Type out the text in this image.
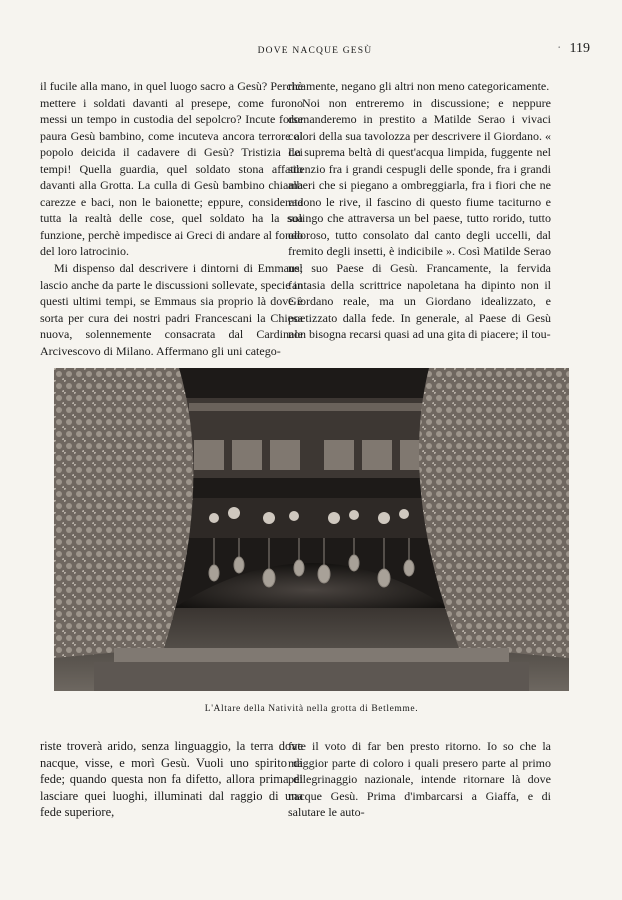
DOVE NACQUE GESÙ	· 119

il fucile alla mano, in quel luogo sacro a Gesù? Perchè mettere i soldati davanti al presepe, come furono messi un tempo in custodia del sepolcro? Incute forse paura Gesù bambino, come incuteva ancora terrore al popolo deicida il cadavere di Gesù? Tristizia dei tempi! Quella guardia, quel soldato stona affatto davanti alla Grotta. La culla di Gesù bambino chiama carezze e baci, non le baionette; eppure, considerata tutta la realtà delle cose, quel soldato ha la sua funzione, perchè impedisce ai Greci di andare al fondo del loro latrocinio.

Mi dispenso dal descrivere i dintorni di Emmaus; lascio anche da parte le discussioni sollevate, specie in questi ultimi tempi, se Emmaus sia proprio là dove è sorta per cura dei nostri padri Francescani la Chiesa nuova, solennemente consacrata dal Cardinale Arcivescovo di Milano. Affermano gli uni catego-

ricamente, negano gli altri non meno categoricamente.

Noi non entreremo in discussione; e neppure domanderemo in prestito a Matilde Serao i vivaci colori della sua tavolozza per descrivere il Giordano. « La suprema beltà di quest'acqua limpida, fuggente nel silenzio fra i grandi cespugli delle sponde, fra i grandi alberi che si piegano a ombreggiarla, fra i fiori che ne radono le rive, il fascino di questo fiume taciturno e solingo che attraversa un bel paese, tutto rorido, tutto odoroso, tutto consolato dal canto degli uccelli, dal fremito degli insetti, è indicibile ». Così Matilde Serao nel suo Paese di Gesù. Francamente, la fervida fantasia della scrittrice napoletana ha dipinto non il Giordano reale, ma un Giordano idealizzato, e poetizzato dalla fede. In generale, al Paese di Gesù non bisogna recarsi quasi ad una gita di piacere; il tou-

L'Altare della Natività nella grotta di Betlemme.

riste troverà arido, senza linguaggio, la terra dove nacque, visse, e morì Gesù. Vuoli uno spirito di fede; quando questa non fa difetto, allora prima di lasciare quei luoghi, illuminati dal raggio di una fede superiore,

fate il voto di far ben presto ritorno. Io so che la maggior parte di coloro i quali presero parte al primo pellegrinaggio nazionale, intende ritornare là dove nacque Gesù. Prima d'imbarcarsi a Giaffa, e di salutare le auto-
